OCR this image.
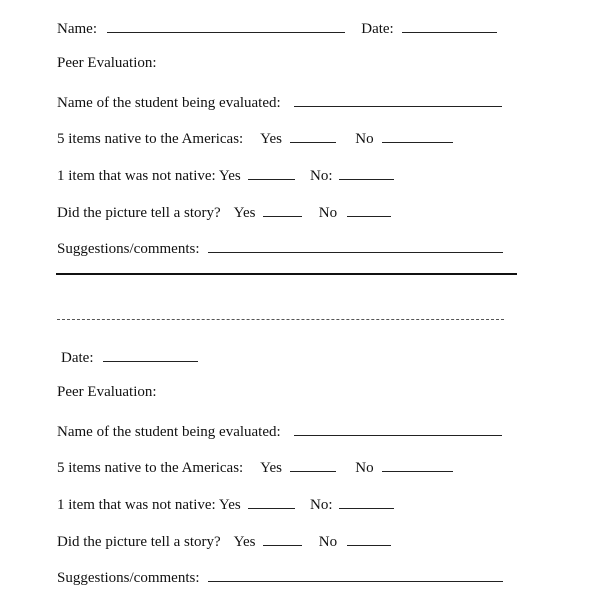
Name:	Date:
Peer Evaluation:
Name of the student being evaluated:
5 items native to the Americas: Yes	No
1 item that was not native: Yes	No:
Did the picture tell a story? Yes	No
Suggestions/comments:
Date:
Peer Evaluation:
Name of the student being evaluated:
5 items native to the Americas: Yes	No
1 item that was not native: Yes	No:
Did the picture tell a story? Yes	No
Suggestions/comments:
